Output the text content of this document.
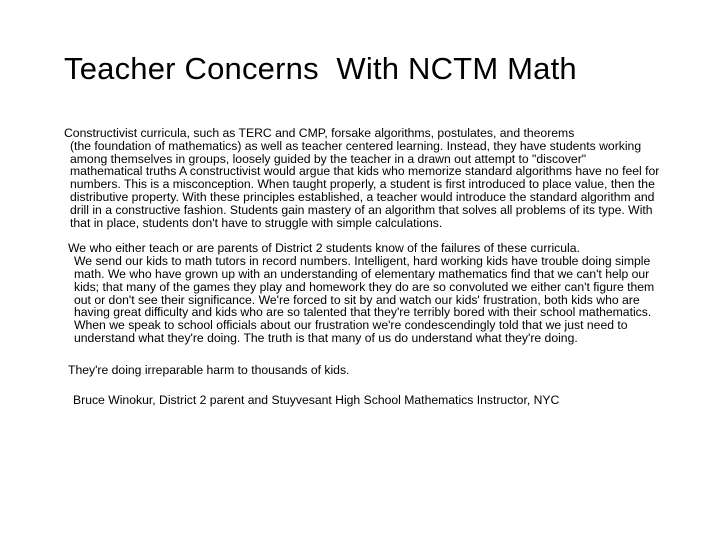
Teacher Concerns  With NCTM Math

Constructivist curricula, such as TERC and CMP, forsake algorithms, postulates, and theorems
(the foundation of mathematics) as well as teacher centered learning. Instead, they have students working among themselves in groups, loosely guided by the teacher in a drawn out attempt to "discover" mathematical truths A constructivist would argue that kids who memorize standard algorithms have no feel for numbers. This is a misconception. When taught properly, a student is first introduced to place value, then the distributive property. With these principles established, a teacher would introduce the standard algorithm and drill in a constructive fashion. Students gain mastery of an algorithm that solves all problems of its type. With that in place, students don't have to struggle with simple calculations.

We who either teach or are parents of District 2 students know of the failures of these curricula.
We send our kids to math tutors in record numbers. Intelligent, hard working kids have trouble doing simple math. We who have grown up with an understanding of elementary mathematics find that we can't help our kids; that many of the games they play and homework they do are so convoluted we either can't figure them out or don't see their significance. We're forced to sit by and watch our kids' frustration, both kids who are having great difficulty and kids who are so talented that they're terribly bored with their school mathematics. When we speak to school officials about our frustration we're condescendingly told that we just need to understand what they're doing. The truth is that many of us do understand what they're doing.

They're doing irreparable harm to thousands of kids.

Bruce Winokur, District 2 parent and Stuyvesant High School Mathematics Instructor, NYC
